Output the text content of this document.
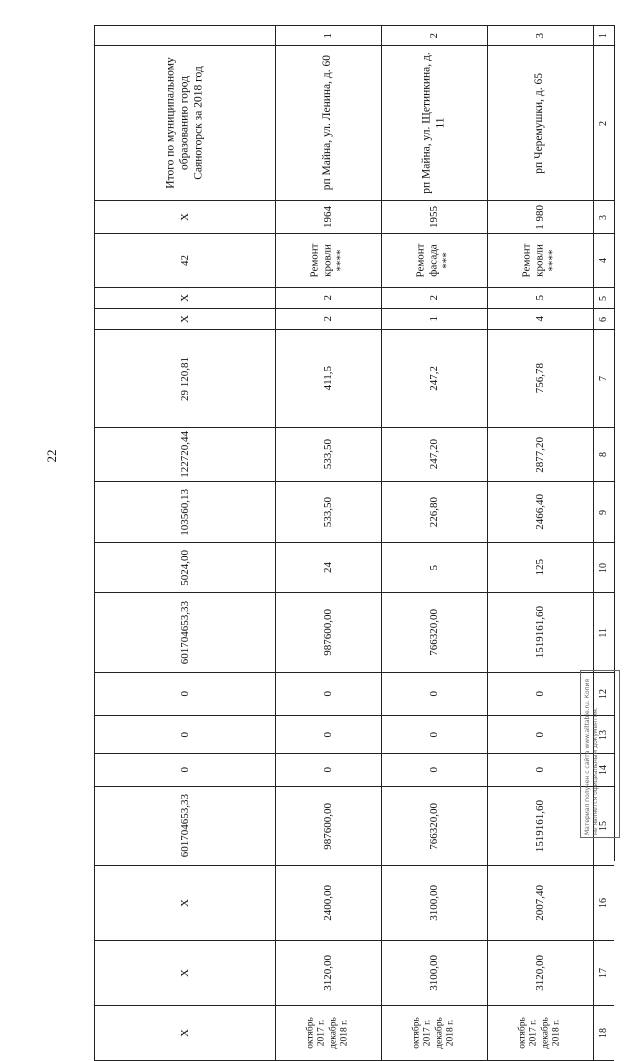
22
1
2
3
4
5
6
7
8
9
10
11
12
13
14
15
16
17
18
3
рп Черемушки, д. 65
1 980
Ремонт кровли ****
5
4
756,78
2877,20
2466,40
125
1519161,60
0
0
0
1519161,60
2007,40
3120,00
октябрь 2017 г. декабрь 2018 г.
2
рп Майна, ул. Щетинкина, д. 11
1955
Ремонт фасада ***
2
1
247,2
247,20
226,80
5
766320,00
0
0
0
766320,00
3100,00
3100,00
октябрь 2017 г. декабрь 2018 г.
1
рп Майна, ул. Ленина, д. 60
1964
Ремонт кровли ****
2
2
411,5
533,50
533,50
24
987600,00
0
0
0
987600,00
2400,00
3120,00
октябрь 2017 г. декабрь 2018 г.
Итого по муниципальному образованию город Саяногорск за 2018 год
X
42
X
X
29 120,81
122720,44
103560,13
5024,00
601704653,33
0
0
0
601704653,33
X
X
X
Материал получен с сайта www.alltable.ru. Копия не является официальным документом.
